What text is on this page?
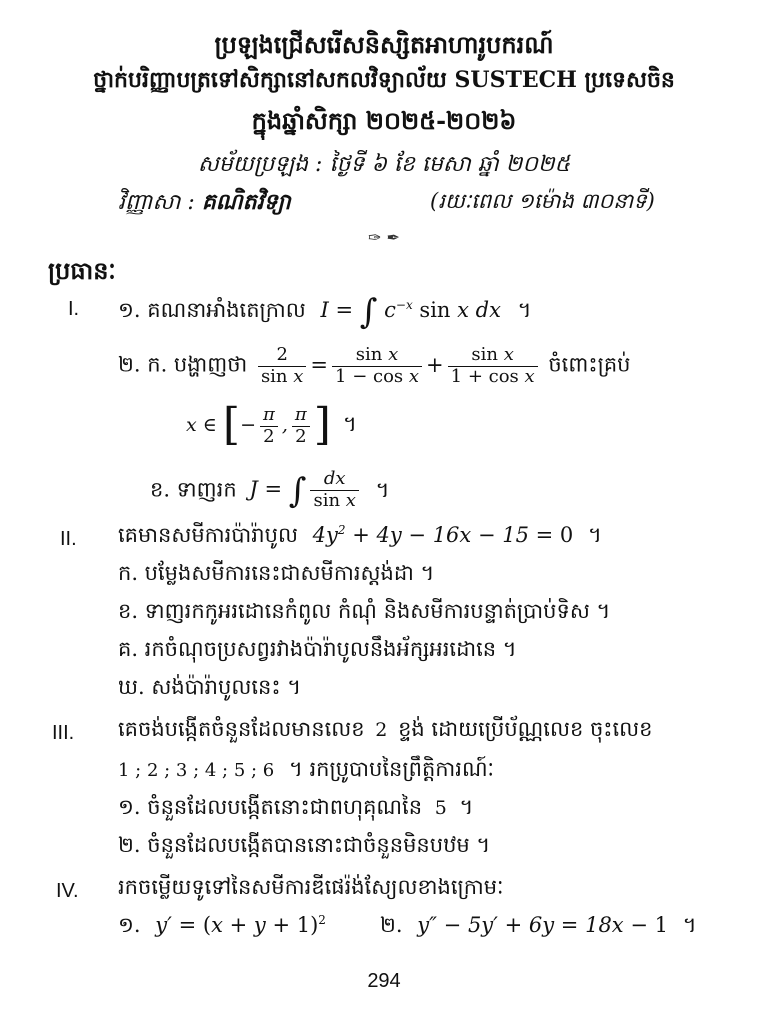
ប្រឡងជ្រើសរើសនិស្សិតអាហារូបករណ៍
ថ្នាក់បរិញ្ញាបត្រទៅសិក្សានៅសកលវិទ្យាល័យ SUSTECH ប្រទេសចិន
ក្នុងឆ្នាំសិក្សា ២០២៥-២០២៦
សម័យប្រឡង : ថ្ងៃទី ៦ ខែ មេសា ឆ្នាំ ២០២៥
វិញ្ញាសា : គណិតវិទ្យា	(រយៈពេល ១ម៉ោង ៣០នាទី)
✑ ✒
ប្រធានៈ
I. ១. គណនាអាំងតេក្រាល I = ∫ $c^{-x}$ sin x dx ។
២. ក. បង្ហាញថា $\frac{2}{\text{sin x}} = \frac{\text{sin x}}{\text{1 − cos x}} + \frac{\text{sin x}}{\text{1 + cos x}}$ ចំពោះគ្រប់
x ∈ [− $\frac{\pi}{2}$ , $\frac{\pi}{2}$ ] ។
ខ. ទាញរក J = ∫ $\frac{dx}{\text{sin x}}$ ។
II. គេមានសមីការប៉ារ៉ាបូល $4y^2 + 4y - 16x - 15 = 0$ ។
ក. បម្លែងសមីការនេះជាសមីការស្តង់ដា ។
ខ. ទាញរកកូអរដោនេកំពូល កំណុំ និងសមីការបន្ទាត់ប្រាប់ទិស ។
គ. រកចំណុចប្រសព្វរវាងប៉ារ៉ាបូលនឹងអ័ក្សអរដោនេ ។
ឃ. សង់ប៉ារ៉ាបូលនេះ ។
III. គេចង់បង្កើតចំនួនដែលមានលេខ 2 ខ្ទង់ ដោយប្រើប័ណ្ណលេខ ចុះលេខ
1 ; 2 ; 3 ; 4 ; 5 ; 6 ។ រកប្រូបាបនៃព្រឹត្តិការណ៍ៈ
១. ចំនួនដែលបង្កើតនោះជាពហុគុណនៃ 5 ។
២. ចំនួនដែលបង្កើតបាននោះជាចំនួនមិនបឋម ។
IV. រកចម្លើយទូទៅនៃសមីការឌីផេរ៉ង់ស្យែលខាងក្រោមៈ
១. $y' = (x + y + 1)^2$	២. y″ − 5y′ + 6y = 18x − 1 ។
294
